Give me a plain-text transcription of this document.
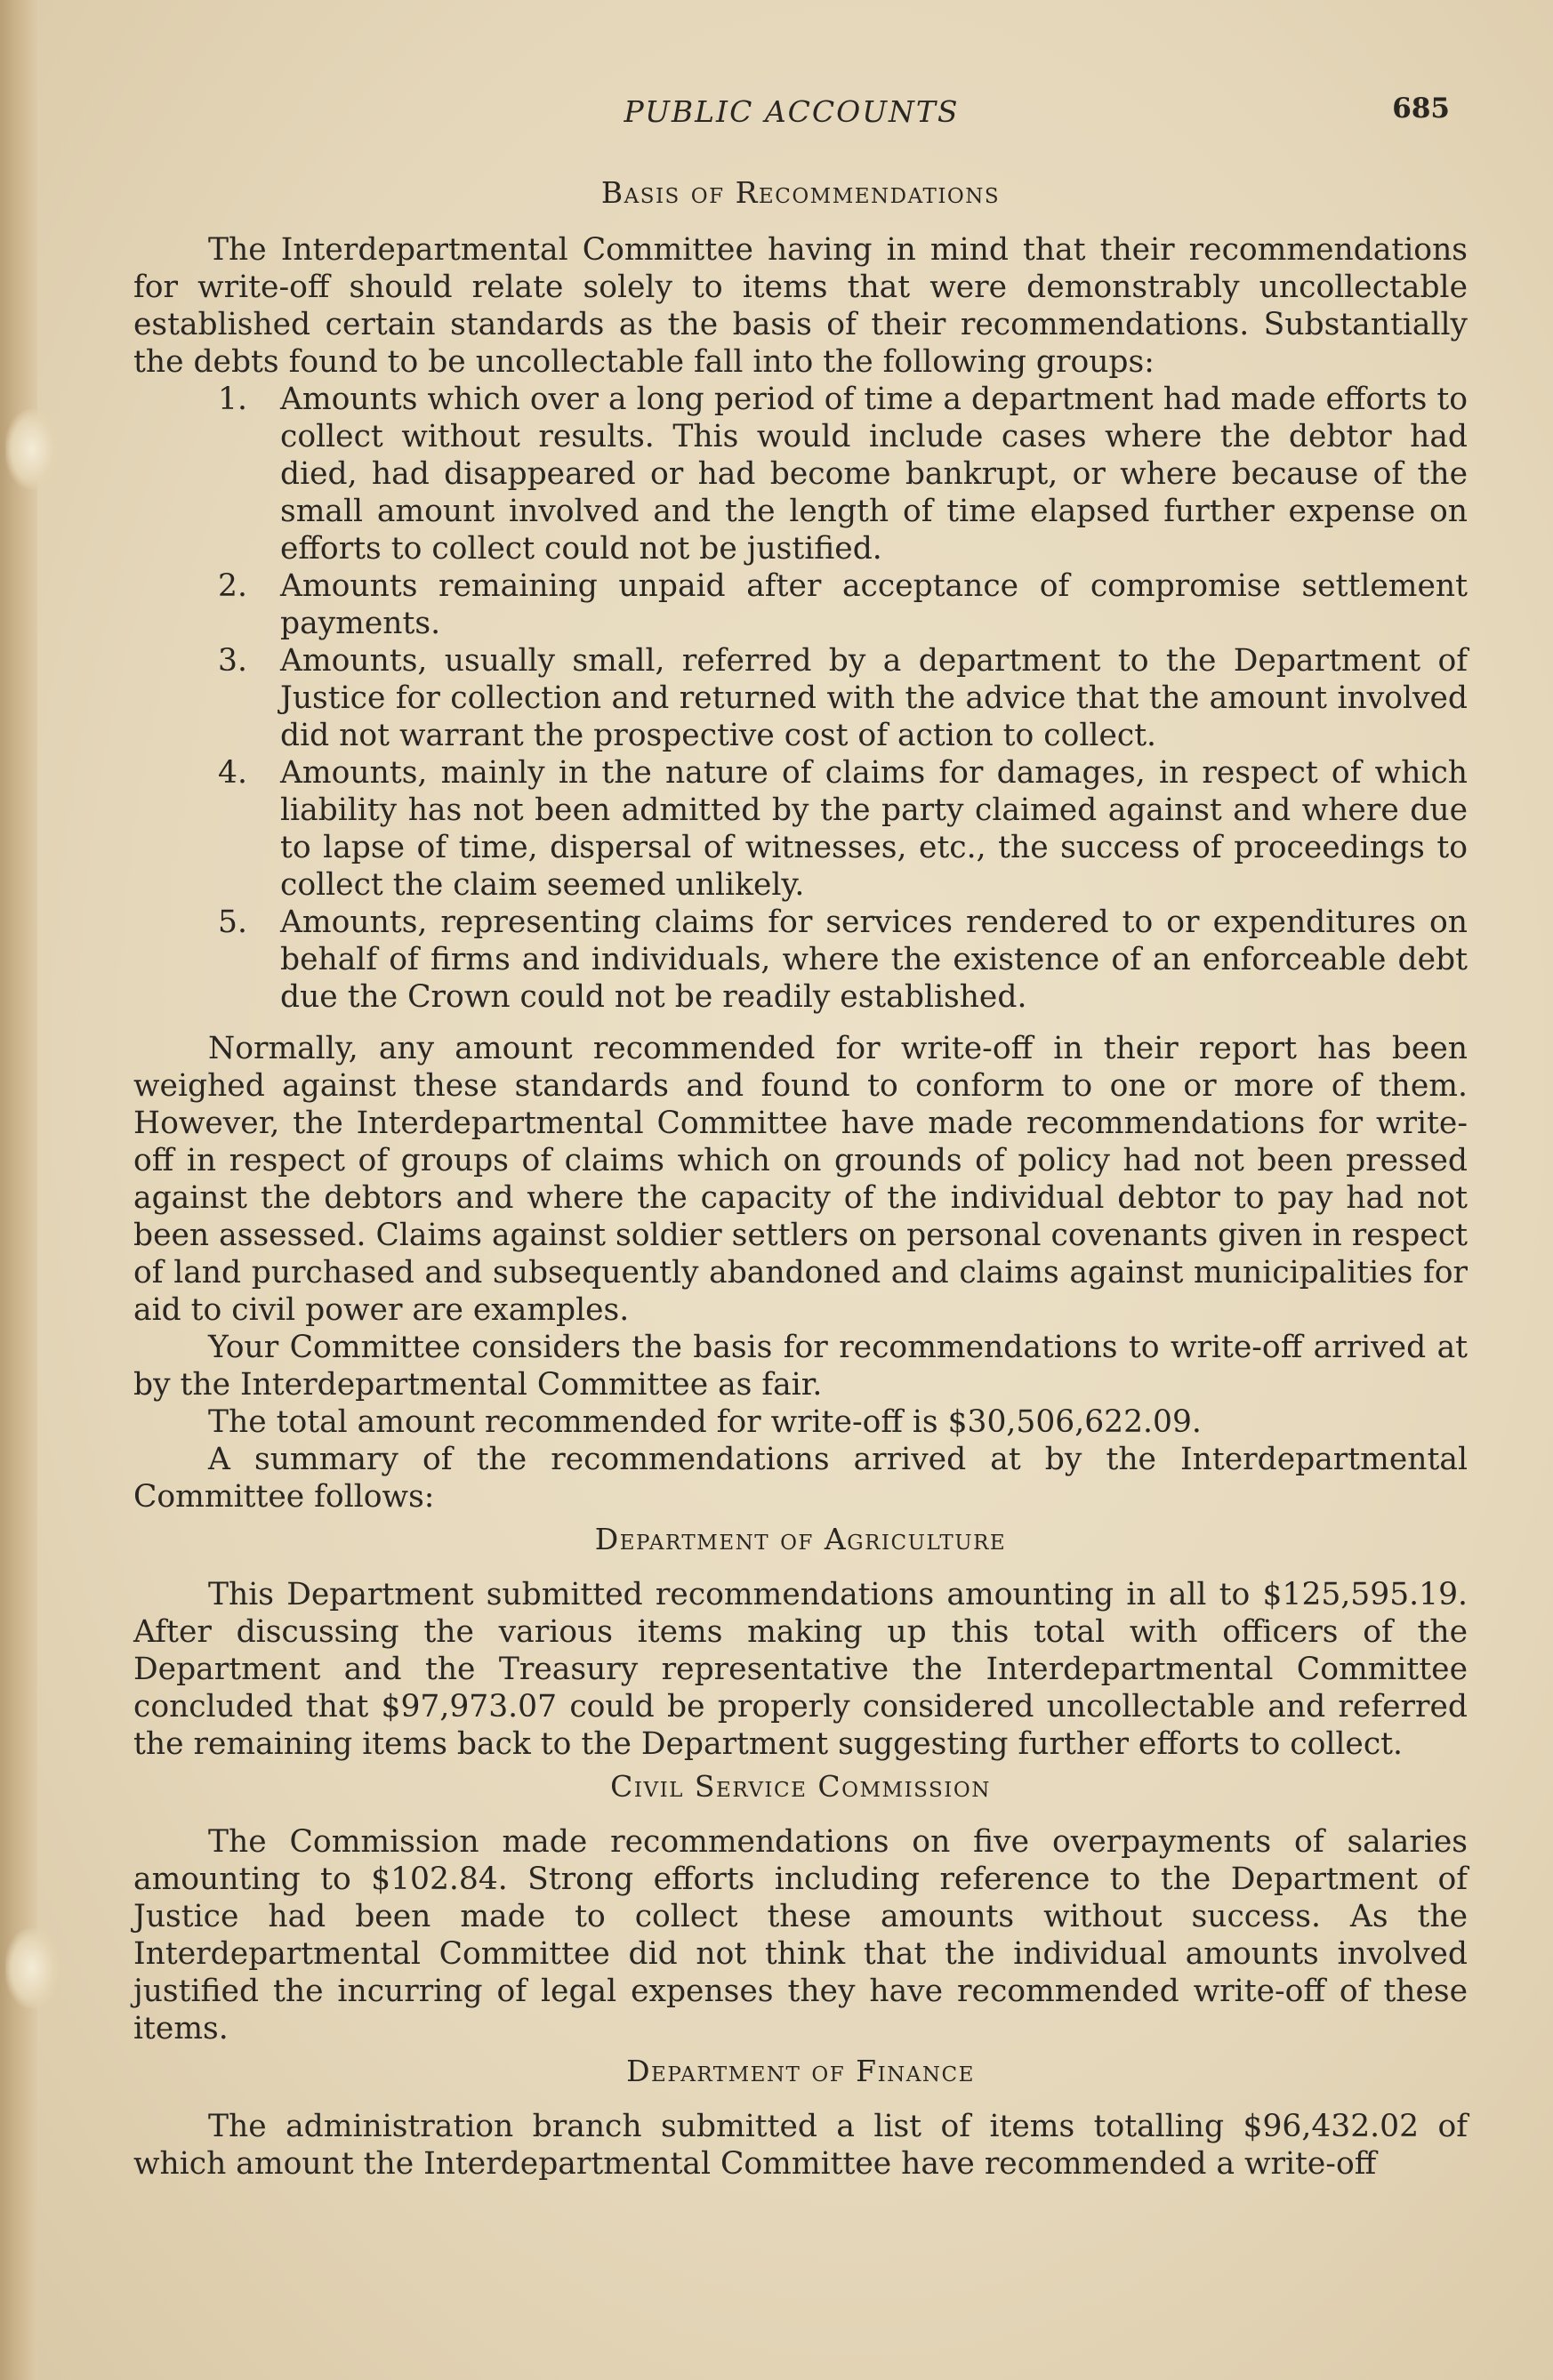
PUBLIC ACCOUNTS	685
Basis of Recommendations

The Interdepartmental Committee having in mind that their recommendations for write-off should relate solely to items that were demonstrably uncollectable established certain standards as the basis of their recommendations. Substantially the debts found to be uncollectable fall into the following groups:

1. Amounts which over a long period of time a department had made efforts to collect without results. This would include cases where the debtor had died, had disappeared or had become bankrupt, or where because of the small amount involved and the length of time elapsed further expense on efforts to collect could not be justified.
2. Amounts remaining unpaid after acceptance of compromise settlement payments.
3. Amounts, usually small, referred by a department to the Department of Justice for collection and returned with the advice that the amount involved did not warrant the prospective cost of action to collect.
4. Amounts, mainly in the nature of claims for damages, in respect of which liability has not been admitted by the party claimed against and where due to lapse of time, dispersal of witnesses, etc., the success of proceedings to collect the claim seemed unlikely.
5. Amounts, representing claims for services rendered to or expenditures on behalf of firms and individuals, where the existence of an enforceable debt due the Crown could not be readily established.

Normally, any amount recommended for write-off in their report has been weighed against these standards and found to conform to one or more of them. However, the Interdepartmental Committee have made recommendations for write-off in respect of groups of claims which on grounds of policy had not been pressed against the debtors and where the capacity of the individual debtor to pay had not been assessed. Claims against soldier settlers on personal covenants given in respect of land purchased and subsequently abandoned and claims against municipalities for aid to civil power are examples.

Your Committee considers the basis for recommendations to write-off arrived at by the Interdepartmental Committee as fair.

The total amount recommended for write-off is $30,506,622.09.

A summary of the recommendations arrived at by the Interdepartmental Committee follows:

Department of Agriculture

This Department submitted recommendations amounting in all to $125,595.19. After discussing the various items making up this total with officers of the Department and the Treasury representative the Interdepartmental Committee concluded that $97,973.07 could be properly considered uncollectable and referred the remaining items back to the Department suggesting further efforts to collect.

Civil Service Commission

The Commission made recommendations on five overpayments of salaries amounting to $102.84. Strong efforts including reference to the Department of Justice had been made to collect these amounts without success. As the Interdepartmental Committee did not think that the individual amounts involved justified the incurring of legal expenses they have recommended write-off of these items.

Department of Finance

The administration branch submitted a list of items totalling $96,432.02 of which amount the Interdepartmental Committee have recommended a write-off
